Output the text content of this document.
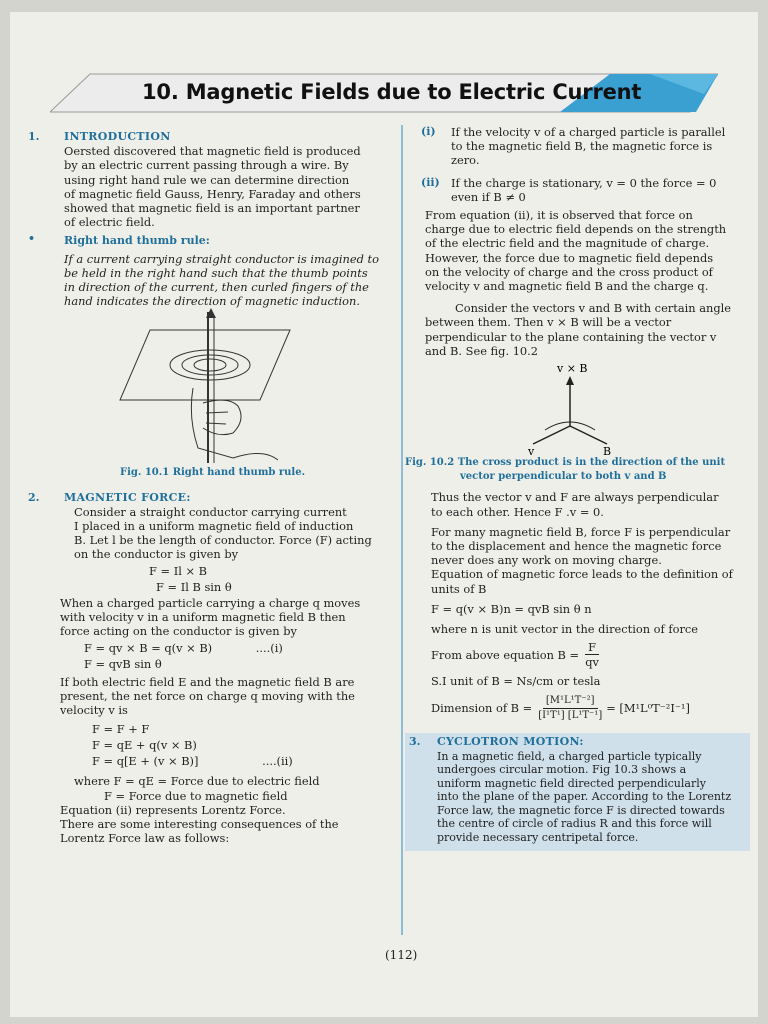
10. Magnetic Fields due to Electric Current
1.	INTRODUCTION

Oersted discovered that magnetic field is produced

by an electric current passing through a wire. By

using right hand rule we can determine direction

of magnetic field Gauss, Henry, Faraday and others

showed that magnetic field is an important partner

of electric field.

•	Right hand thumb rule:

If a current carrying straight conductor is imagined to

be held in the right hand such that the thumb points

in direction of the current, then curled fingers of the

hand indicates the direction of magnetic induction.

Fig. 10.1 Right hand thumb rule.

2.	MAGNETIC FORCE:

Consider a straight conductor carrying current

I placed in a uniform magnetic field of induction

B. Let l be the length of conductor. Force (F) acting

on the conductor is given by

F = Il × B

F = Il B sin θ

When a charged particle carrying a charge q moves

with velocity v in a uniform magnetic field B then

force acting on the conductor is given by

F = qv × B = q(v × B)	....(i)

F = qvB sin θ

If both electric field E and the magnetic field B are

present, the net force on charge q moving with the

velocity v is

F = F + F

F = qE + q(v × B)

F = q[E + (v × B)]	....(ii)

where F = qE = Force due to electric field

F = Force due to magnetic field

Equation (ii) represents Lorentz Force.

There are some interesting consequences of the

Lorentz Force law as follows:

(i)	If the velocity v of a charged particle is parallel

to the magnetic field B, the magnetic force is

zero.

(ii) If the charge is stationary, v = 0 the force = 0

even if B ≠ 0

From equation (ii), it is observed that force on

charge due to electric field depends on the strength

of the electric field and the magnitude of charge.

However, the force due to magnetic field depends

on the velocity of charge and the cross product of

velocity v and magnetic field B and the charge q.

Consider the vectors v and B with certain angle

between them. Then v × B will be a vector

perpendicular to the plane containing the vector v

and B. See fig. 10.2

v × B
v	B

Fig. 10.2 The cross product is in the direction of the unit

vector perpendicular to both v and B

Thus the vector v and F are always perpendicular

to each other. Hence F .v = 0.

For many magnetic field B, force F is perpendicular

to the displacement and hence the magnetic force

never does any work on moving charge.

Equation of magnetic force leads to the definition of

units of B

F = q(v × B)n = qvB sin θ n

where n is unit vector in the direction of force

From above equation $B = \frac{F}{qv}$

S.I unit of B = Ns/cm or tesla

Dimension of $B = \frac{\text{[M¹L¹T⁻²]}}{\text{[I¹T¹] [L¹T⁻¹]}} = [M^1L^0T^{-2}I^{-1}]$
3.	CYCLOTRON MOTION:

In a magnetic field, a charged particle typically

undergoes circular motion. Fig 10.3 shows a

uniform magnetic field directed perpendicularly

into the plane of the paper. According to the Lorentz

Force law, the magnetic force F is directed towards

the centre of circle of radius R and this force will

provide necessary centripetal force.

(112)
